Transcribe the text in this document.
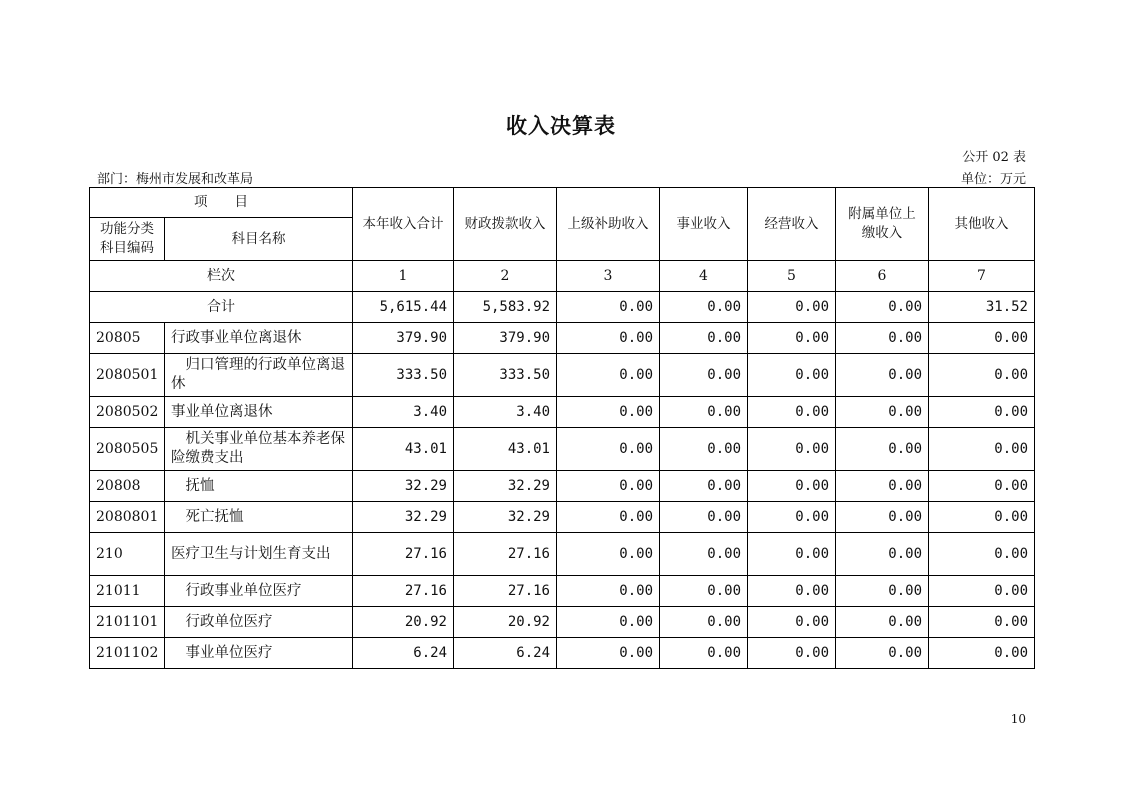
收入决算表
公开 02 表
部门：梅州市发展和改革局	单位：万元
项　　目		本年收入合计	财政拨款收入	上级补助收入	事业收入	经营收入	附属单位上缴收入	其他收入
功能分类科目编码	科目名称							
栏次		1	2	3	4	5	6	7
合计		5,615.44	5,583.92	0.00	0.00	0.00	0.00	31.52
20805	行政事业单位离退休	379.90	379.90	0.00	0.00	0.00	0.00	0.00
2080501	　归口管理的行政单位离退休	333.50	333.50	0.00	0.00	0.00	0.00	0.00
2080502	事业单位离退休	3.40	3.40	0.00	0.00	0.00	0.00	0.00
2080505	　机关事业单位基本养老保险缴费支出	43.01	43.01	0.00	0.00	0.00	0.00	0.00
20808	　抚恤	32.29	32.29	0.00	0.00	0.00	0.00	0.00
2080801	　死亡抚恤	32.29	32.29	0.00	0.00	0.00	0.00	0.00
210	医疗卫生与计划生育支出	27.16	27.16	0.00	0.00	0.00	0.00	0.00
21011	　行政事业单位医疗	27.16	27.16	0.00	0.00	0.00	0.00	0.00
2101101	　行政单位医疗	20.92	20.92	0.00	0.00	0.00	0.00	0.00
2101102	　事业单位医疗	6.24	6.24	0.00	0.00	0.00	0.00	0.00
10
